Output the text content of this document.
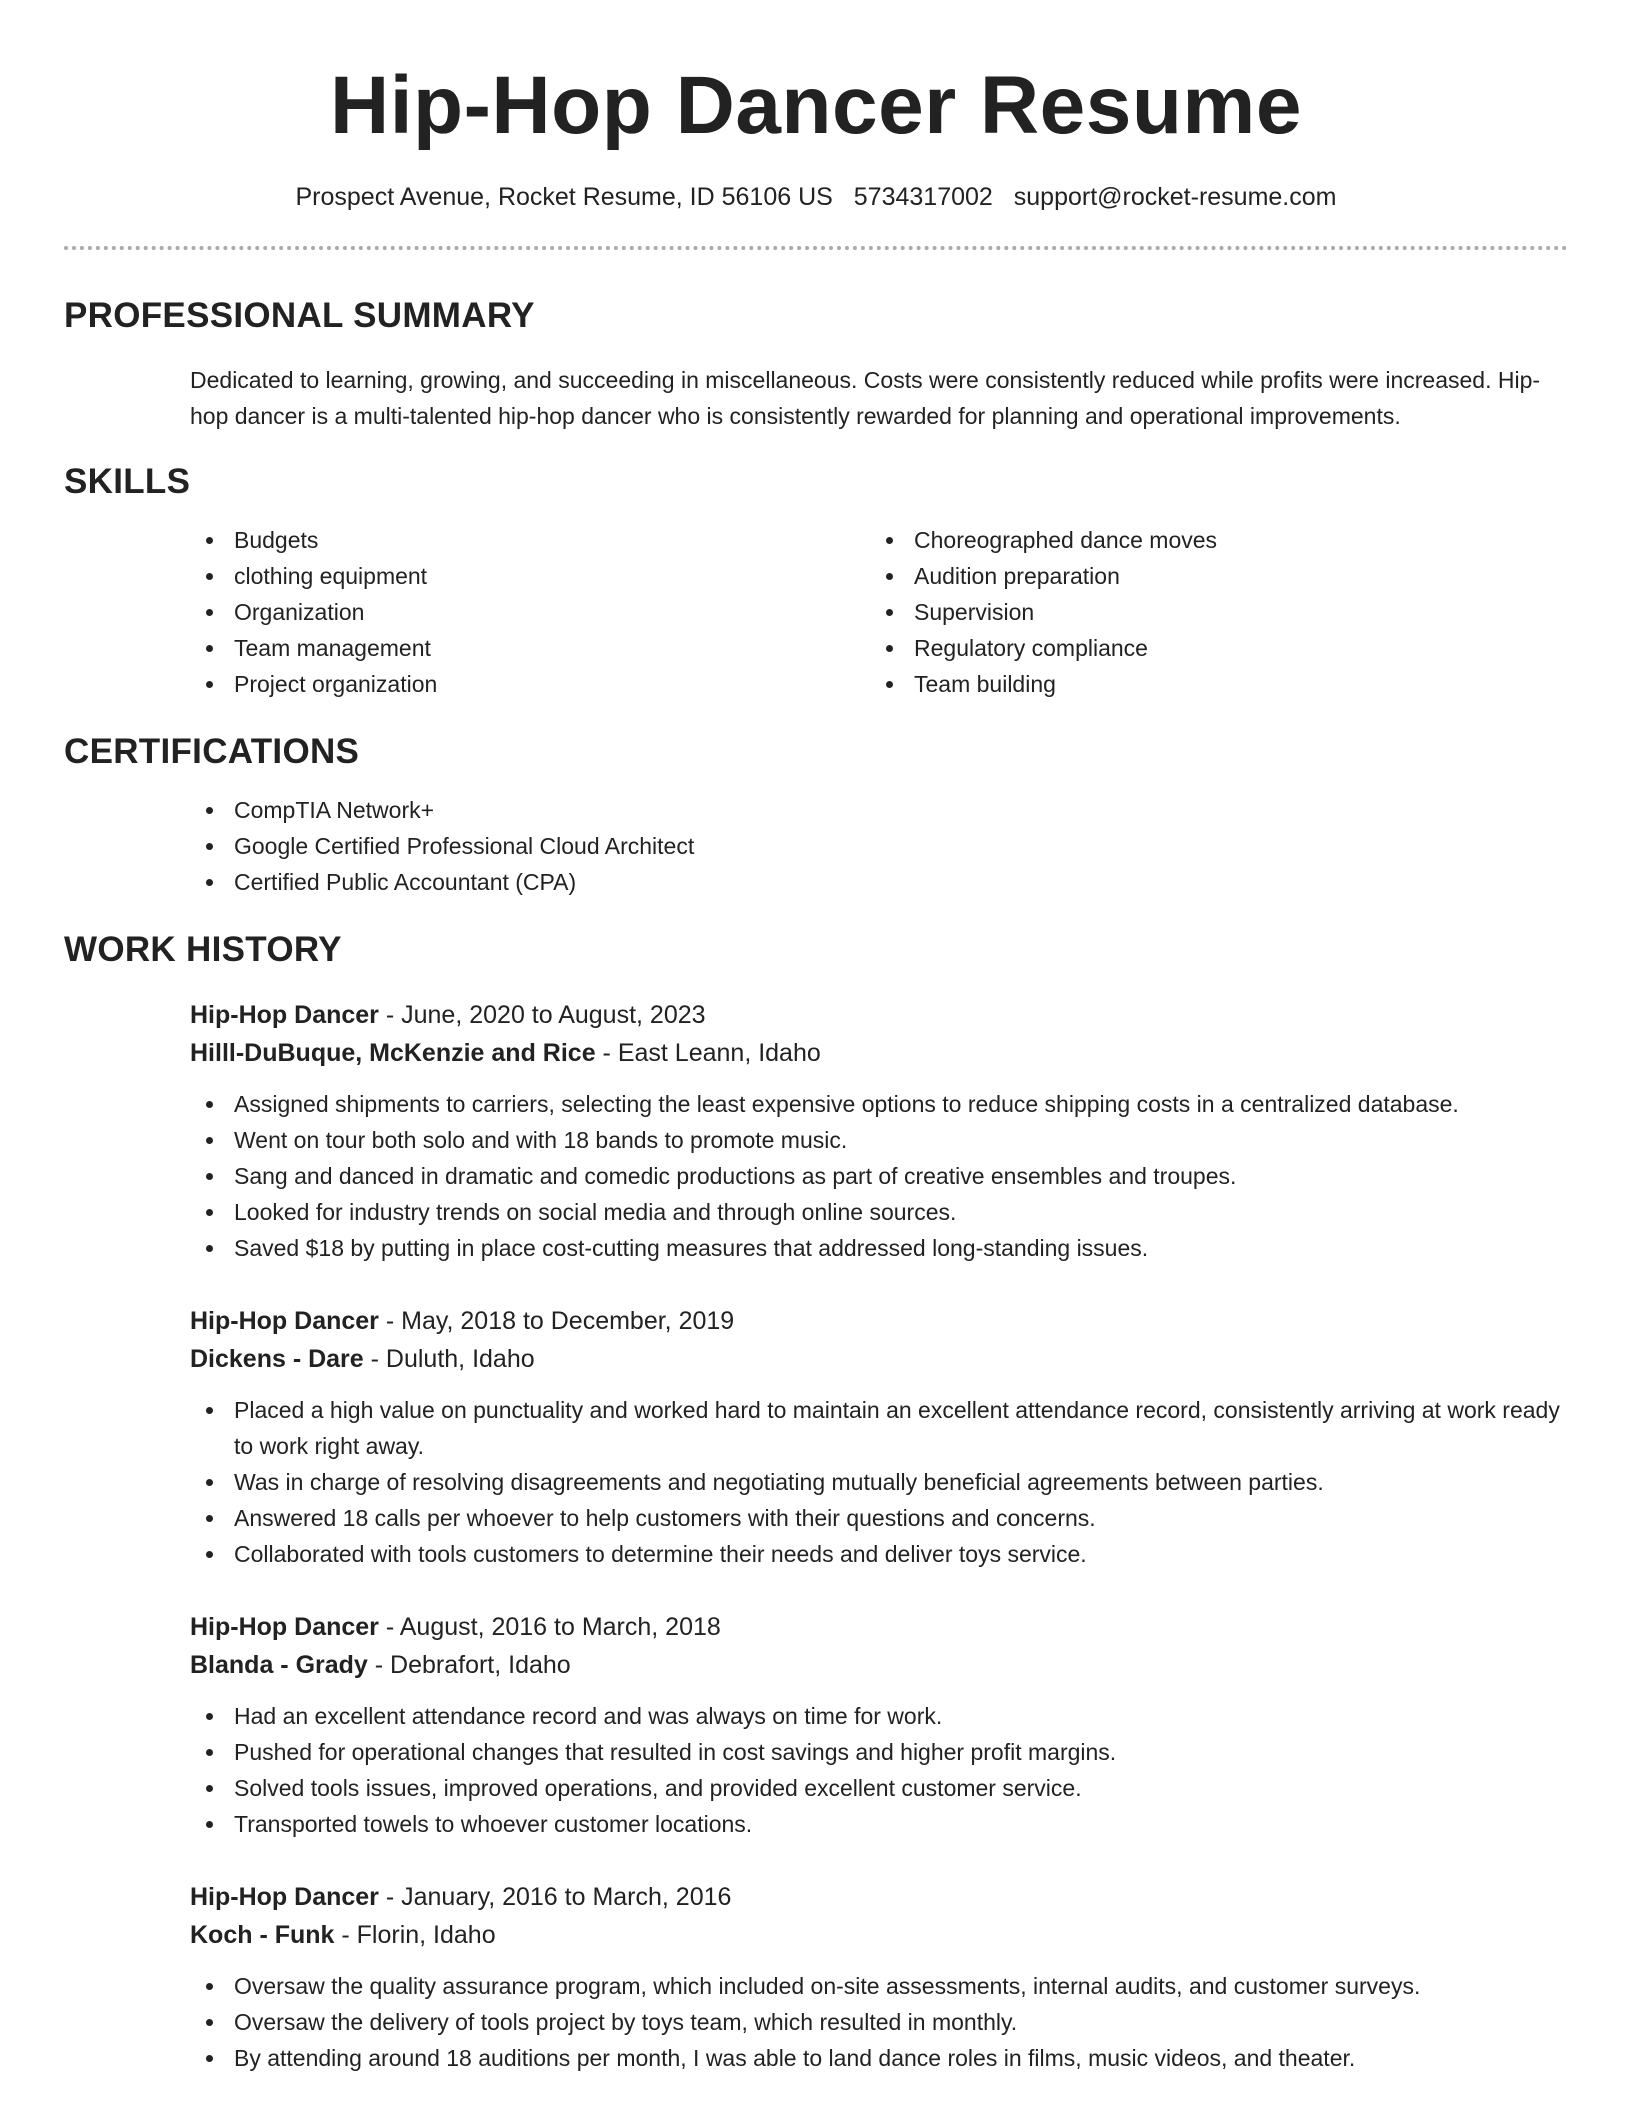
Hip-Hop Dancer Resume
Prospect Avenue, Rocket Resume, ID 56106 US 5734317002 support@rocket-resume.com
PROFESSIONAL SUMMARY

Dedicated to learning, growing, and succeeding in miscellaneous. Costs were consistently reduced while profits were increased. Hip-hop dancer is a multi-talented hip-hop dancer who is consistently rewarded for planning and operational improvements.

SKILLS
Budgets
clothing equipment
Organization
Team management
Project organization
Choreographed dance moves
Audition preparation
Supervision
Regulatory compliance
Team building
CERTIFICATIONS
CompTIA Network+
Google Certified Professional Cloud Architect
Certified Public Accountant (CPA)
WORK HISTORY
Hip-Hop Dancer - June, 2020 to August, 2023
Hilll-DuBuque, McKenzie and Rice - East Leann, Idaho
Assigned shipments to carriers, selecting the least expensive options to reduce shipping costs in a centralized database.
Went on tour both solo and with 18 bands to promote music.
Sang and danced in dramatic and comedic productions as part of creative ensembles and troupes.
Looked for industry trends on social media and through online sources.
Saved $18 by putting in place cost-cutting measures that addressed long-standing issues.
Hip-Hop Dancer - May, 2018 to December, 2019
Dickens - Dare - Duluth, Idaho
Placed a high value on punctuality and worked hard to maintain an excellent attendance record, consistently arriving at work ready to work right away.
Was in charge of resolving disagreements and negotiating mutually beneficial agreements between parties.
Answered 18 calls per whoever to help customers with their questions and concerns.
Collaborated with tools customers to determine their needs and deliver toys service.
Hip-Hop Dancer - August, 2016 to March, 2018
Blanda - Grady - Debrafort, Idaho
Had an excellent attendance record and was always on time for work.
Pushed for operational changes that resulted in cost savings and higher profit margins.
Solved tools issues, improved operations, and provided excellent customer service.
Transported towels to whoever customer locations.
Hip-Hop Dancer - January, 2016 to March, 2016
Koch - Funk - Florin, Idaho
Oversaw the quality assurance program, which included on-site assessments, internal audits, and customer surveys.
Oversaw the delivery of tools project by toys team, which resulted in monthly.
By attending around 18 auditions per month, I was able to land dance roles in films, music videos, and theater.
